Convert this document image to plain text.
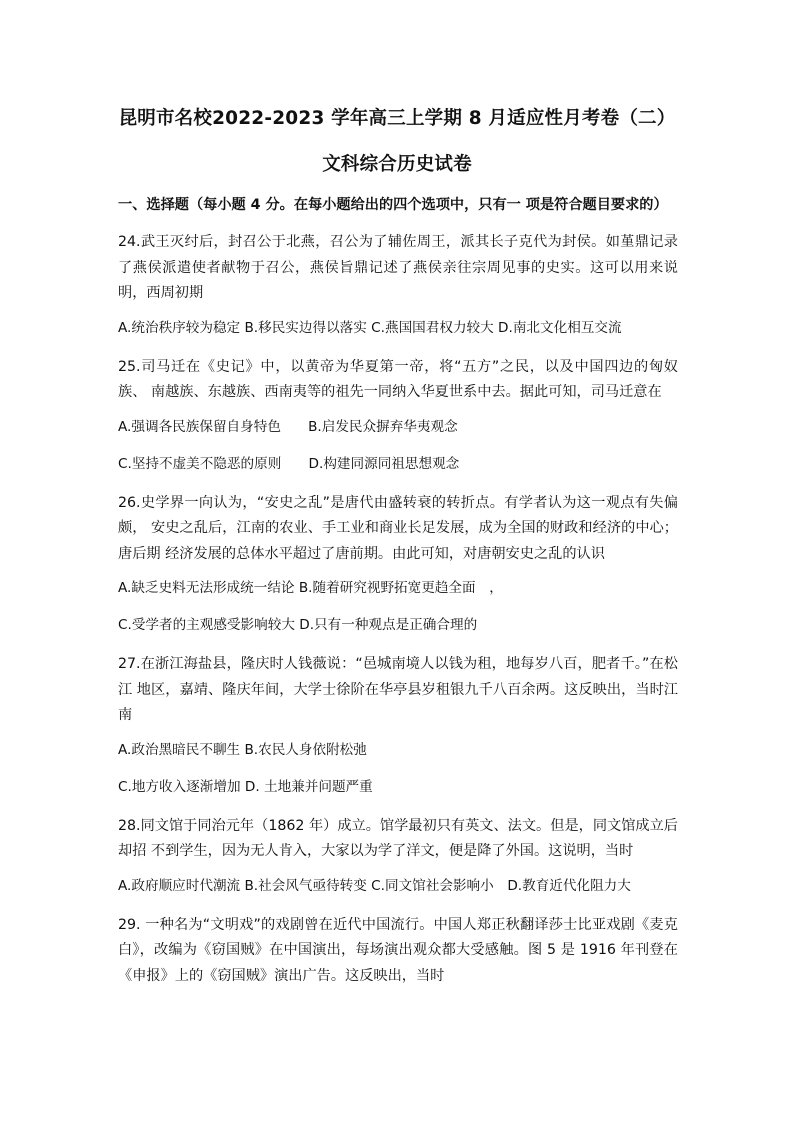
昆明市名校2022-2023 学年高三上学期 8 月适应性月考卷（二）
文科综合历史试卷
一、选择题（每小题 4 分。在每小题给出的四个选项中，只有一 项是符合题目要求的）

24.武王灭纣后，封召公于北燕，召公为了辅佐周王，派其长子克代为封侯。如堇鼎记录了燕侯派遣使者献物于召公，燕侯旨鼎记述了燕侯亲往宗周见事的史实。这可以用来说明，西周初期

A.统治秩序较为稳定 B.移民实边得以落实 C.燕国国君权力较大 D.南北文化相互交流

25.司马迁在《史记》中，以黄帝为华夏第一帝，将“五方”之民，以及中国四边的匈奴族、 南越族、东越族、西南夷等的祖先一同纳入华夏世系中去。据此可知，司马迁意在

A.强调各民族保留自身特色　　B.启发民众摒弃华夷观念

C.坚持不虚美不隐恶的原则　　D.构建同源同祖思想观念

26.史学界一向认为，“安史之乱”是唐代由盛转衰的转折点。有学者认为这一观点有失偏颇， 安史之乱后，江南的农业、手工业和商业长足发展，成为全国的财政和经济的中心；唐后期 经济发展的总体水平超过了唐前期。由此可知，对唐朝安史之乱的认识

A.缺乏史料无法形成统一结论 B.随着研究视野拓宽更趋全面　，

C.受学者的主观感受影响较大 D.只有一种观点是正确合理的

27.在浙江海盐县，隆庆时人钱薇说：“邑城南境人以钱为租，地每岁八百，肥者千。”在松江 地区，嘉靖、隆庆年间，大学士徐阶在华亭县岁租银九千八百余两。这反映出，当时江南

A.政治黑暗民不聊生 B.农民人身依附松弛

C.地方收入逐渐增加 D. 土地兼并问题严重

28.同文馆于同治元年（1862 年）成立。馆学最初只有英文、法文。但是，同文馆成立后却招 不到学生，因为无人肯入，大家以为学了洋文，便是降了外国。这说明，当时

A.政府顺应时代潮流 B.社会风气亟待转变 C.同文馆社会影响小　D.教育近代化阻力大

29. 一种名为“文明戏”的戏剧曾在近代中国流行。中国人郑正秋翻译莎士比亚戏剧《麦克 白》，改编为《窃国贼》在中国演出，每场演出观众都大受感触。图 5 是 1916 年刊登在 《申报》上的《窃国贼》演出广告。这反映出，当时
